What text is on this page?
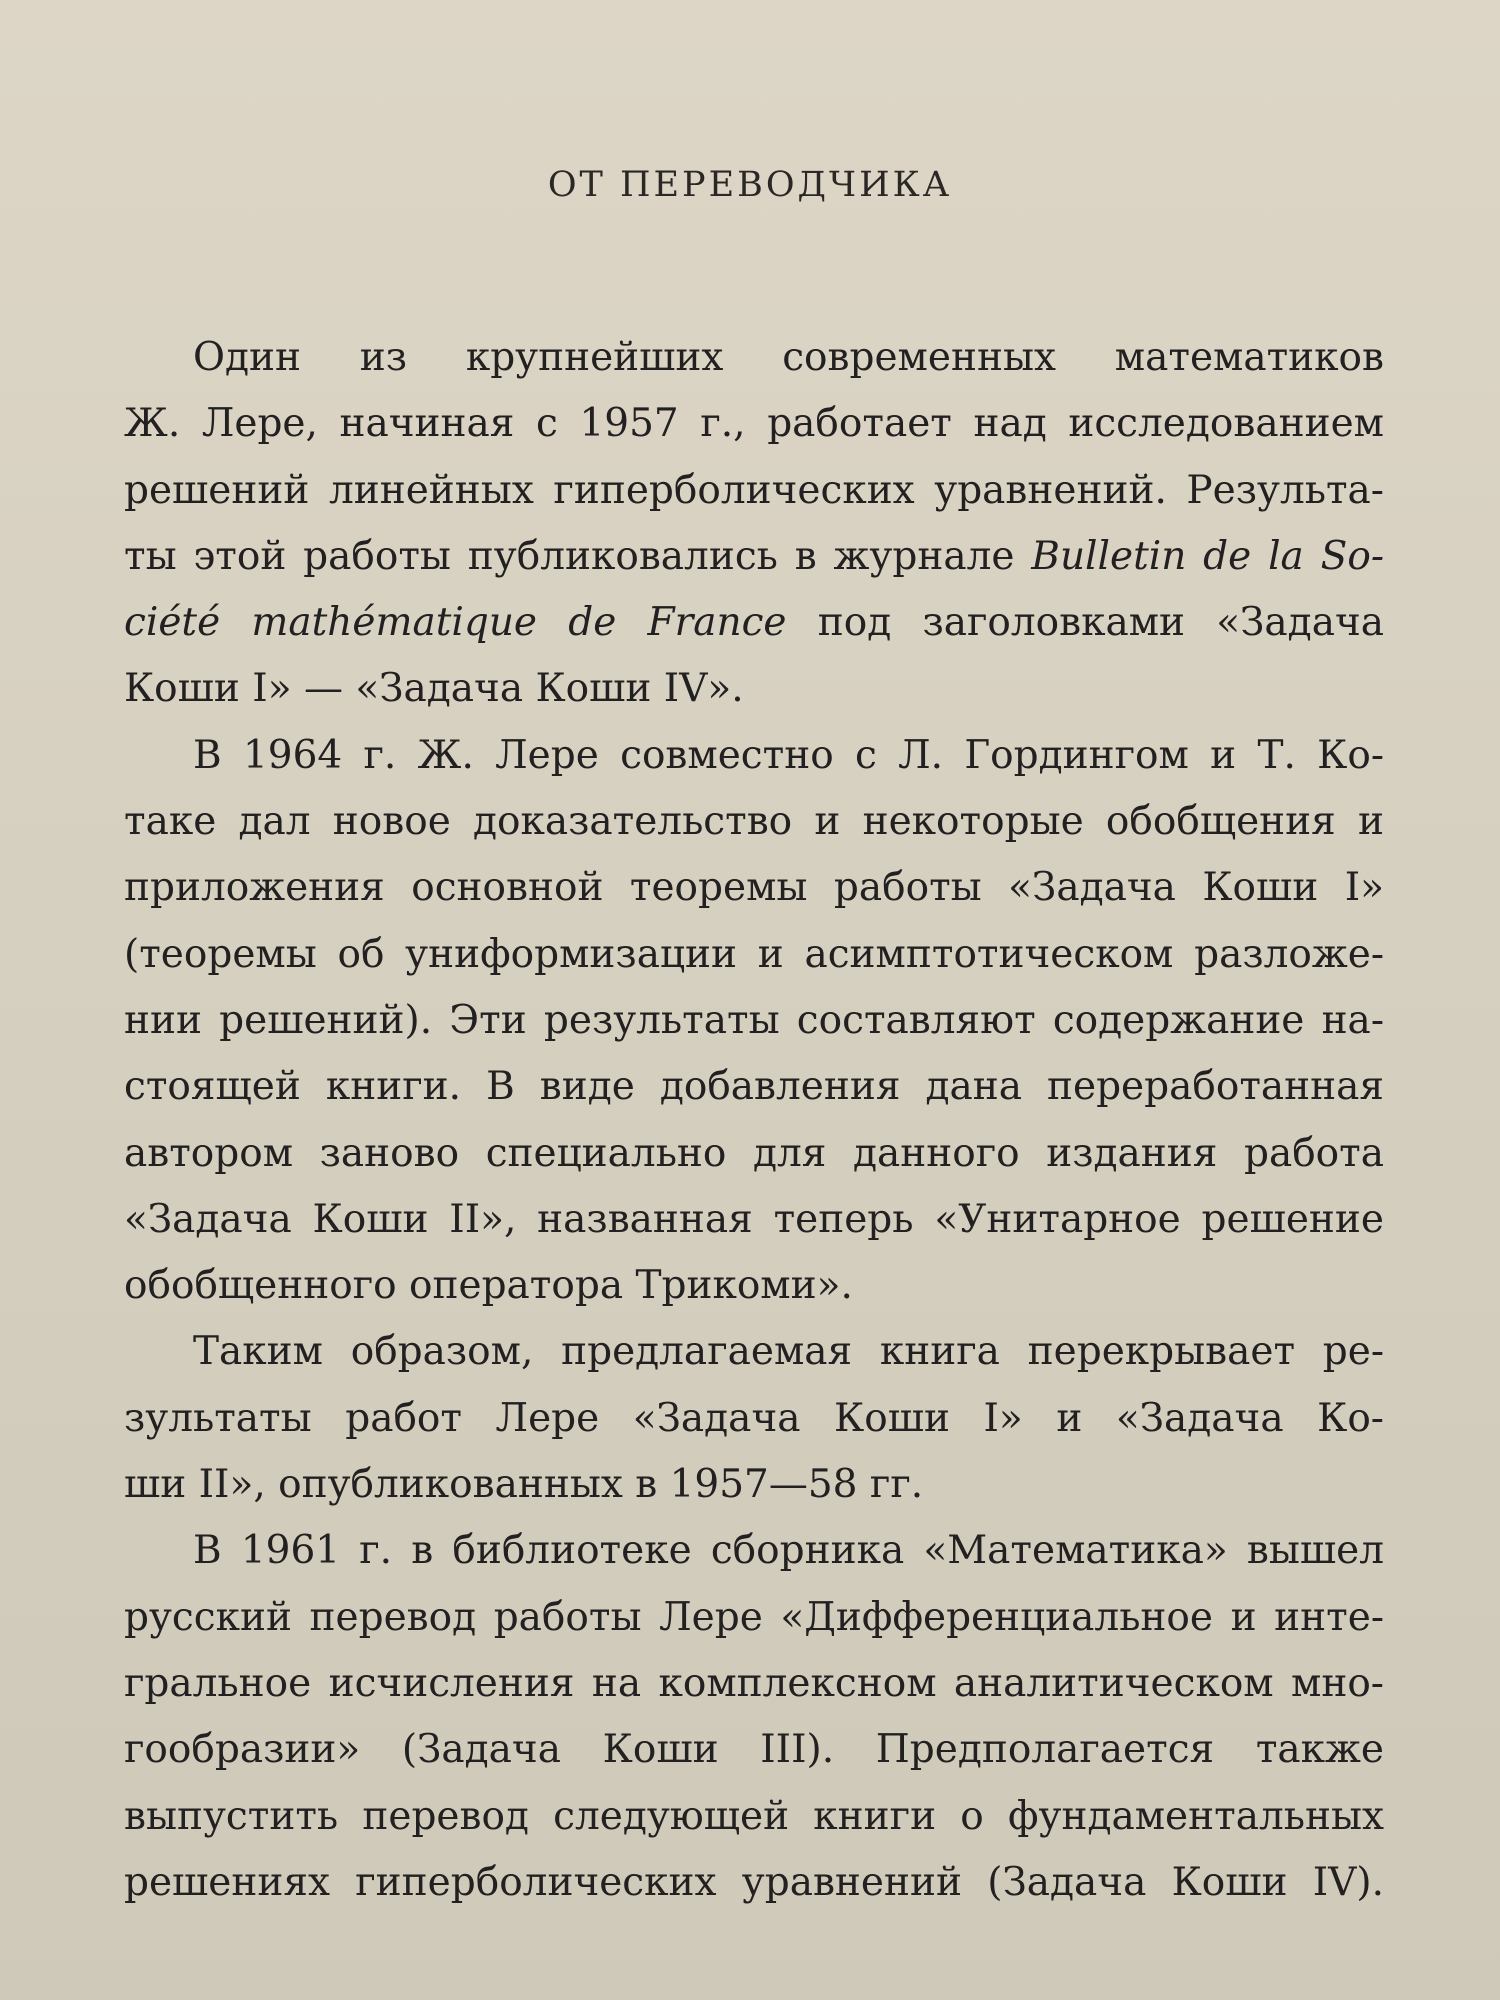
ОТ ПЕРЕВОДЧИКА

Один из крупнейших современных математиков
Ж. Лере, начиная с 1957 г., работает над исследованием
решений линейных гиперболических уравнений. Результа-
ты этой работы публиковались в журнале Bulletin de la So-
ciété mathématique de France под заголовками «Задача
Коши I» — «Задача Коши IV».

В 1964 г. Ж. Лере совместно с Л. Гордингом и Т. Ко-
таке дал новое доказательство и некоторые обобщения и
приложения основной теоремы работы «Задача Коши I»
(теоремы об униформизации и асимптотическом разложе-
нии решений). Эти результаты составляют содержание на-
стоящей книги. В виде добавления дана переработанная
автором заново специально для данного издания работа
«Задача Коши II», названная теперь «Унитарное решение
обобщенного оператора Трикоми».

Таким образом, предлагаемая книга перекрывает ре-
зультаты работ Лере «Задача Коши I» и «Задача Ко-
ши II», опубликованных в 1957—58 гг.

В 1961 г. в библиотеке сборника «Математика» вышел
русский перевод работы Лере «Дифференциальное и инте-
гральное исчисления на комплексном аналитическом мно-
гообразии» (Задача Коши III). Предполагается также
выпустить перевод следующей книги о фундаментальных
решениях гиперболических уравнений (Задача Коши IV).
